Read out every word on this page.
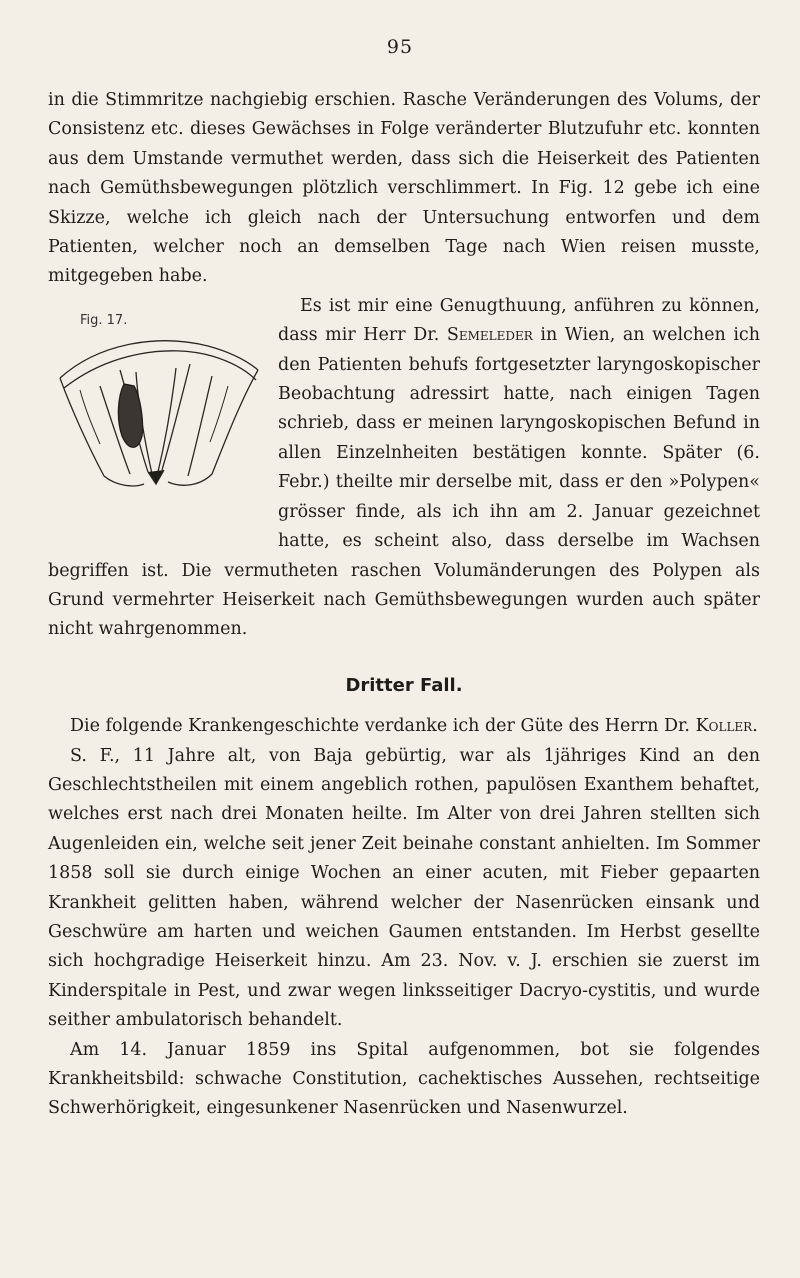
95

in die Stimmritze nachgiebig erschien. Rasche Veränderungen des Volums, der Consistenz etc. dieses Gewächses in Folge veränderter Blutzufuhr etc. konnten aus dem Umstande vermuthet werden, dass sich die Heiserkeit des Patienten nach Gemüthsbewegungen plötzlich verschlimmert. In Fig. 12 gebe ich eine Skizze, welche ich gleich nach der Untersuchung entworfen und dem Patienten, welcher noch an demselben Tage nach Wien reisen musste, mitgegeben habe.

Fig. 17.

Es ist mir eine Genugthuung, anführen zu können, dass mir Herr Dr. Semeleder in Wien, an welchen ich den Patienten behufs fortgesetzter laryngoskopischer Beobachtung adressirt hatte, nach einigen Tagen schrieb, dass er meinen laryngoskopischen Befund in allen Einzelnheiten bestätigen konnte. Später (6. Febr.) theilte mir derselbe mit, dass er den »Polypen« grösser finde, als ich ihn am 2. Januar gezeichnet hatte, es scheint also, dass derselbe im Wachsen begriffen ist. Die vermutheten raschen Volumänderungen des Polypen als Grund vermehrter Heiserkeit nach Gemüthsbewegungen wurden auch später nicht wahrgenommen.

Dritter Fall.

Die folgende Krankengeschichte verdanke ich der Güte des Herrn Dr. Koller.

S. F., 11 Jahre alt, von Baja gebürtig, war als 1jähriges Kind an den Geschlechtstheilen mit einem angeblich rothen, papulösen Exanthem behaftet, welches erst nach drei Monaten heilte. Im Alter von drei Jahren stellten sich Augenleiden ein, welche seit jener Zeit beinahe constant anhielten. Im Sommer 1858 soll sie durch einige Wochen an einer acuten, mit Fieber gepaarten Krankheit gelitten haben, während welcher der Nasenrücken einsank und Geschwüre am harten und weichen Gaumen entstanden. Im Herbst gesellte sich hochgradige Heiserkeit hinzu. Am 23. Nov. v. J. erschien sie zuerst im Kinderspitale in Pest, und zwar wegen linksseitiger Dacryo-cystitis, und wurde seither ambulatorisch behandelt.

Am 14. Januar 1859 ins Spital aufgenommen, bot sie folgendes Krankheitsbild: schwache Constitution, cachektisches Aussehen, rechtseitige Schwerhörigkeit, eingesunkener Nasenrücken und Nasenwurzel.
